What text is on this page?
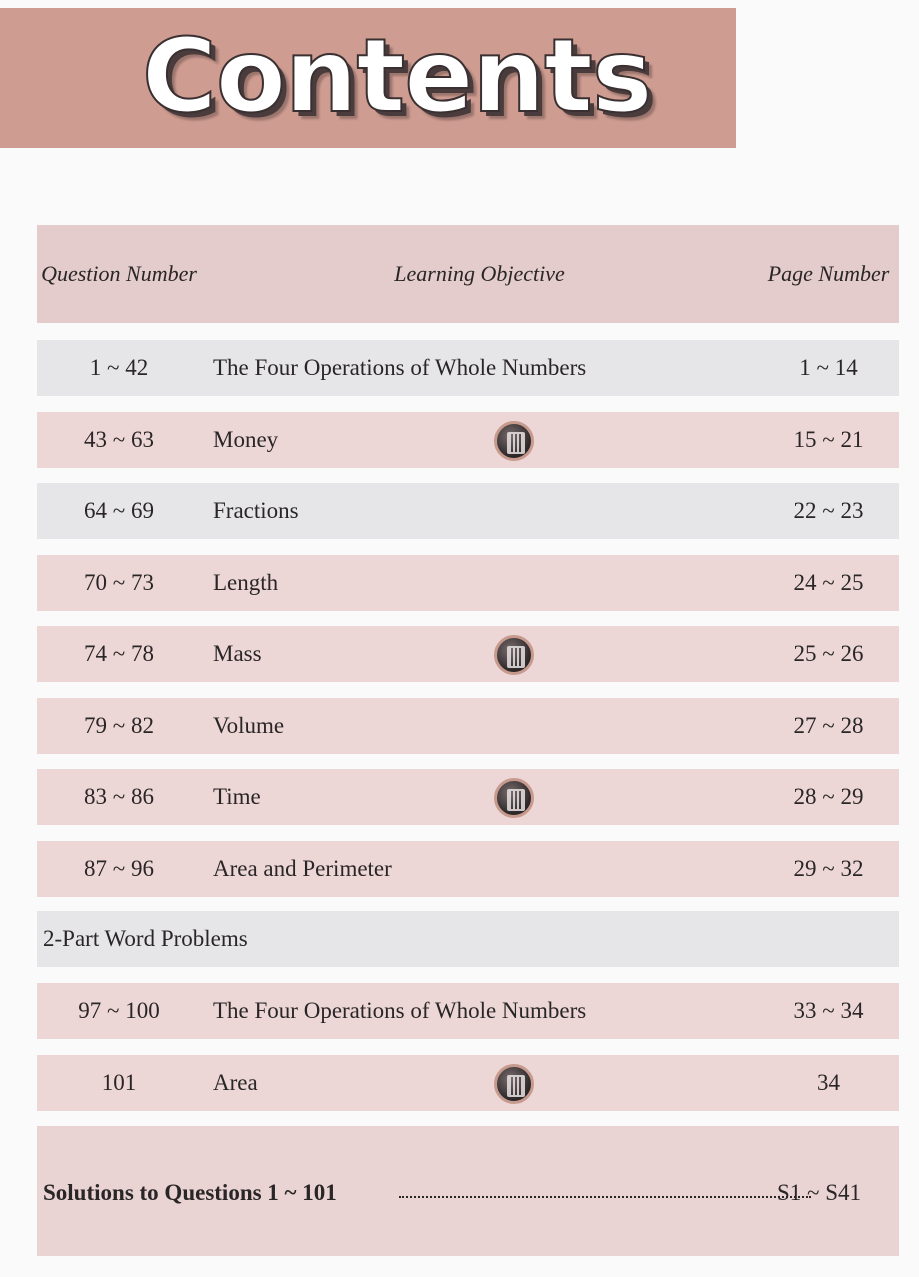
Contents
Question Number	Learning Objective	Page Number
1 ~ 42	The Four Operations of Whole Numbers	1 ~ 14
43 ~ 63	Money	15 ~ 21
64 ~ 69	Fractions	22 ~ 23
70 ~ 73	Length	24 ~ 25
74 ~ 78	Mass	25 ~ 26
79 ~ 82	Volume	27 ~ 28
83 ~ 86	Time	28 ~ 29
87 ~ 96	Area and Perimeter	29 ~ 32
2-Part Word Problems
97 ~ 100	The Four Operations of Whole Numbers	33 ~ 34
101	Area	34
Solutions to Questions 1 ~ 101	S1 ~ S41
